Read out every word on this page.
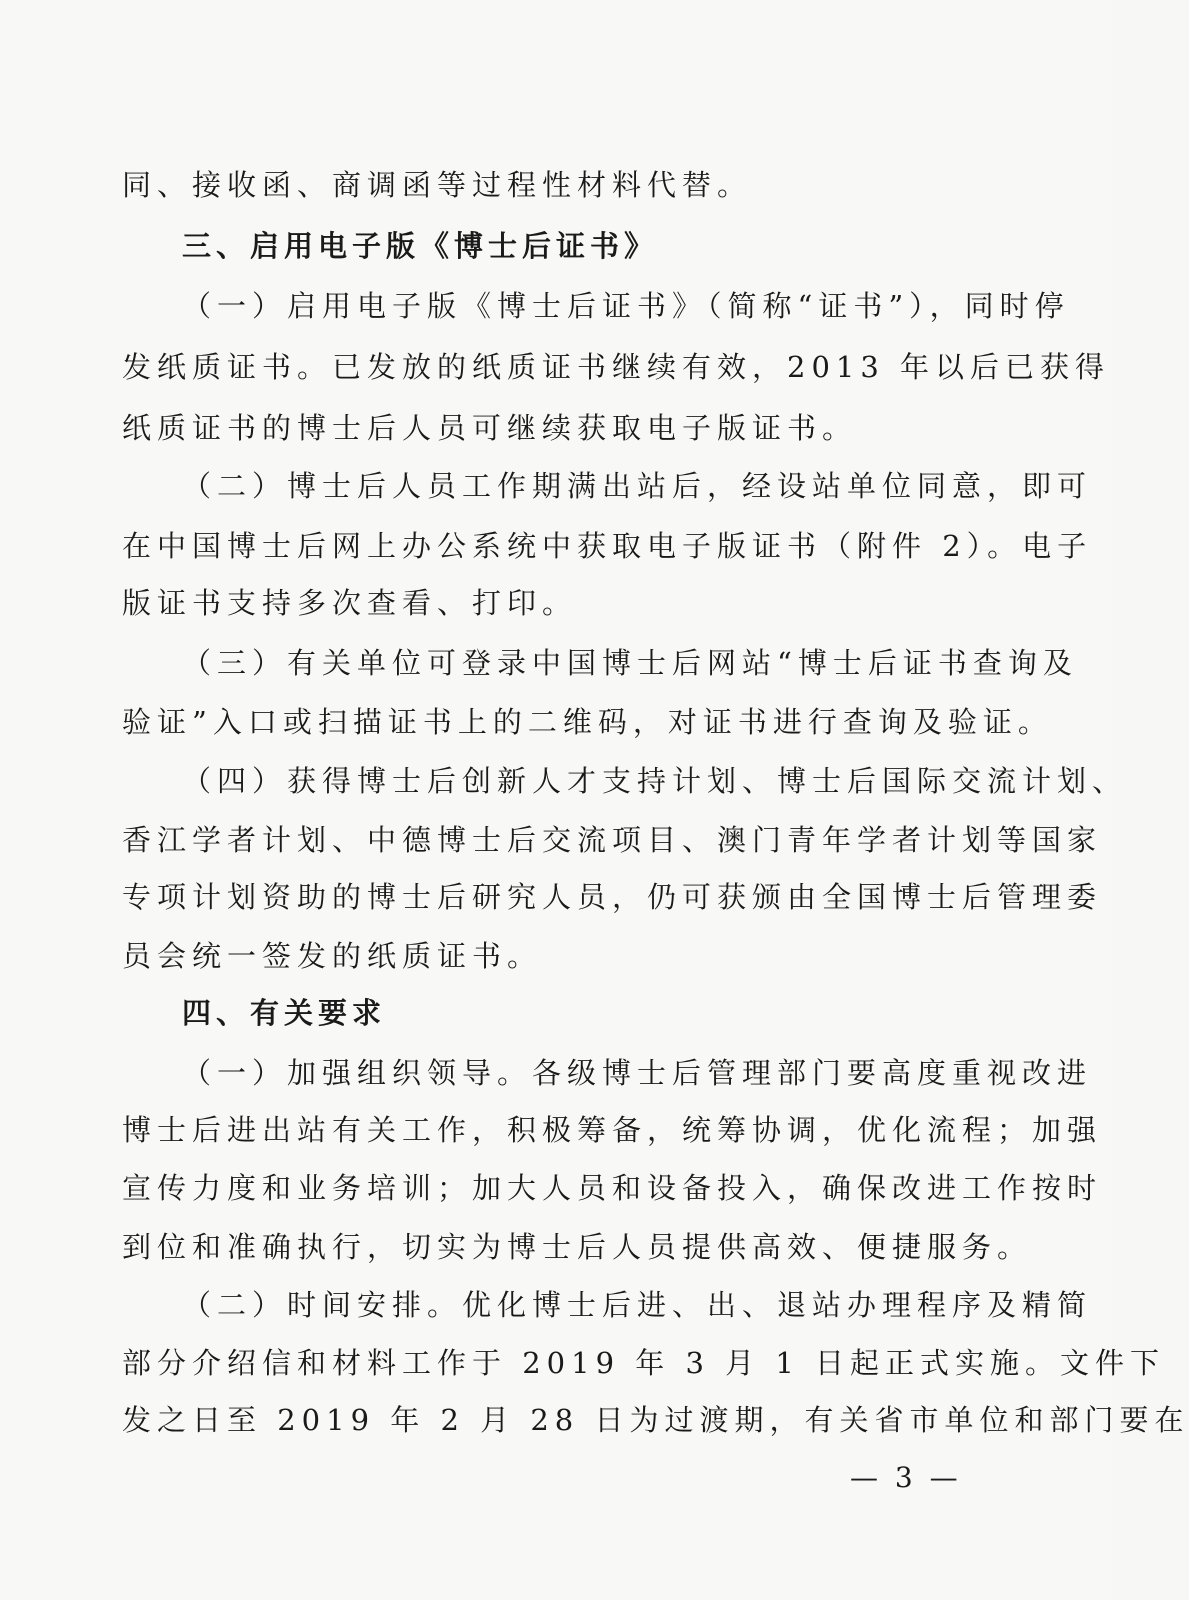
同、接收函、商调函等过程性材料代替。
三、启用电子版《博士后证书》
（一）启用电子版《博士后证书》（简称“证书”），同时停
发纸质证书。已发放的纸质证书继续有效，2013 年以后已获得
纸质证书的博士后人员可继续获取电子版证书。
（二）博士后人员工作期满出站后，经设站单位同意，即可
在中国博士后网上办公系统中获取电子版证书（附件 2）。电子
版证书支持多次查看、打印。
（三）有关单位可登录中国博士后网站“博士后证书查询及
验证”入口或扫描证书上的二维码，对证书进行查询及验证。
（四）获得博士后创新人才支持计划、博士后国际交流计划、
香江学者计划、中德博士后交流项目、澳门青年学者计划等国家
专项计划资助的博士后研究人员，仍可获颁由全国博士后管理委
员会统一签发的纸质证书。
四、有关要求
（一）加强组织领导。各级博士后管理部门要高度重视改进
博士后进出站有关工作，积极筹备，统筹协调，优化流程；加强
宣传力度和业务培训；加大人员和设备投入，确保改进工作按时
到位和准确执行，切实为博士后人员提供高效、便捷服务。
（二）时间安排。优化博士后进、出、退站办理程序及精简
部分介绍信和材料工作于 2019 年 3 月 1 日起正式实施。文件下
发之日至 2019 年 2 月 28 日为过渡期，有关省市单位和部门要在
— 3 —
